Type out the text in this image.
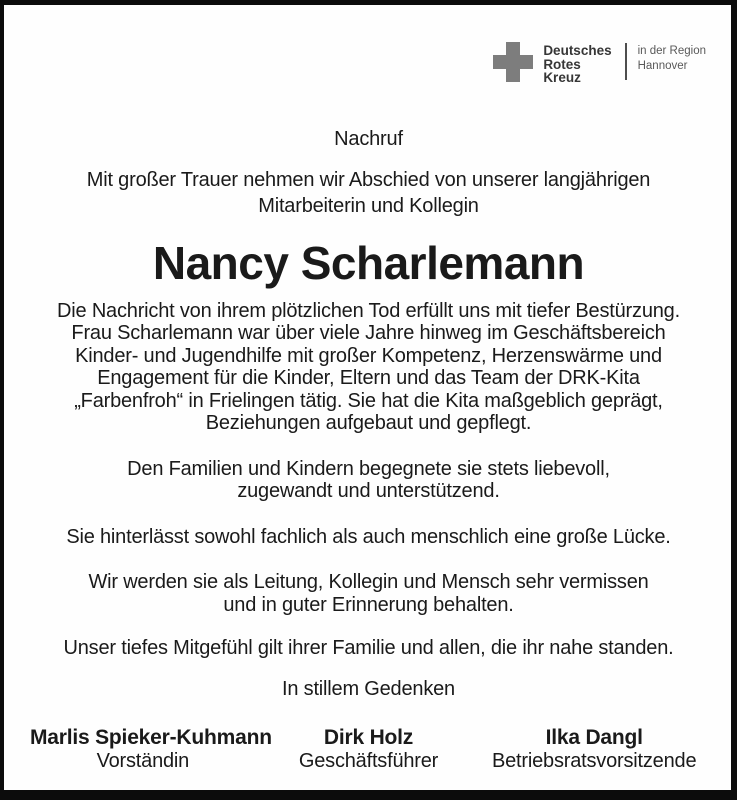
Deutsches
Rotes
Kreuz
in der Region
Hannover
Nachruf
Mit großer Trauer nehmen wir Abschied von unserer langjährigen
Mitarbeiterin und Kollegin
Nancy Scharlemann

Die Nachricht von ihrem plötzlichen Tod erfüllt uns mit tiefer Bestürzung.
Frau Scharlemann war über viele Jahre hinweg im Geschäftsbereich
Kinder- und Jugendhilfe mit großer Kompetenz, Herzenswärme und
Engagement für die Kinder, Eltern und das Team der DRK-Kita
„Farbenfroh“ in Frielingen tätig. Sie hat die Kita maßgeblich geprägt,
Beziehungen aufgebaut und gepflegt.

Den Familien und Kindern begegnete sie stets liebevoll,
zugewandt und unterstützend.

Sie hinterlässt sowohl fachlich als auch menschlich eine große Lücke.

Wir werden sie als Leitung, Kollegin und Mensch sehr vermissen
und in guter Erinnerung behalten.

Unser tiefes Mitgefühl gilt ihrer Familie und allen, die ihr nahe standen.

In stillem Gedenken
Marlis Spieker-Kuhmann
Vorständin
Dirk Holz
Geschäftsführer
Ilka Dangl
Betriebsratsvorsitzende
